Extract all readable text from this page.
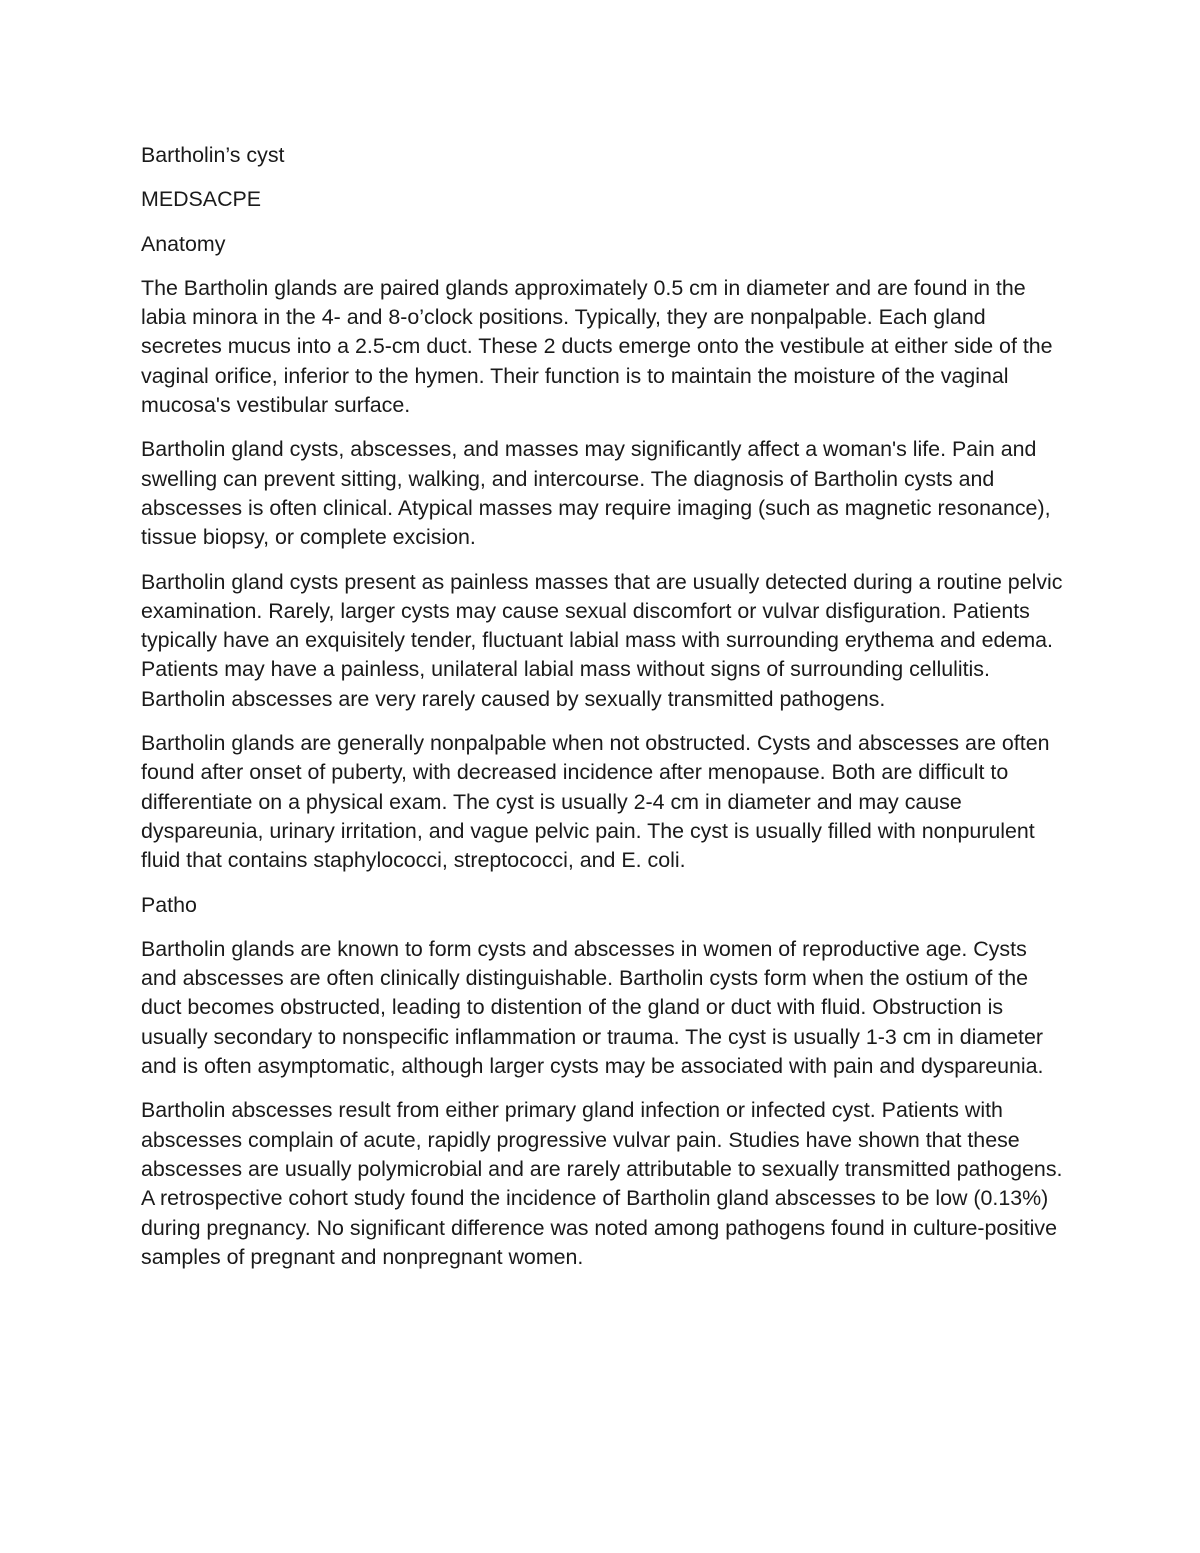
Bartholin’s cyst

MEDSACPE

Anatomy

The Bartholin glands are paired glands approximately 0.5 cm in diameter and are found in the labia minora in the 4- and 8-o’clock positions. Typically, they are nonpalpable. Each gland secretes mucus into a 2.5-cm duct. These 2 ducts emerge onto the vestibule at either side of the vaginal orifice, inferior to the hymen. Their function is to maintain the moisture of the vaginal mucosa's vestibular surface.

Bartholin gland cysts, abscesses, and masses may significantly affect a woman's life. Pain and swelling can prevent sitting, walking, and intercourse. The diagnosis of Bartholin cysts and abscesses is often clinical. Atypical masses may require imaging (such as magnetic resonance), tissue biopsy, or complete excision.

Bartholin gland cysts present as painless masses that are usually detected during a routine pelvic examination. Rarely, larger cysts may cause sexual discomfort or vulvar disfiguration. Patients typically have an exquisitely tender, fluctuant labial mass with surrounding erythema and edema. Patients may have a painless, unilateral labial mass without signs of surrounding cellulitis. Bartholin abscesses are very rarely caused by sexually transmitted pathogens.

Bartholin glands are generally nonpalpable when not obstructed. Cysts and abscesses are often found after onset of puberty, with decreased incidence after menopause. Both are difficult to differentiate on a physical exam. The cyst is usually 2-4 cm in diameter and may cause dyspareunia, urinary irritation, and vague pelvic pain. The cyst is usually filled with nonpurulent fluid that contains staphylococci, streptococci, and E. coli.

Patho

Bartholin glands are known to form cysts and abscesses in women of reproductive age. Cysts and abscesses are often clinically distinguishable. Bartholin cysts form when the ostium of the duct becomes obstructed, leading to distention of the gland or duct with fluid. Obstruction is usually secondary to nonspecific inflammation or trauma. The cyst is usually 1-3 cm in diameter and is often asymptomatic, although larger cysts may be associated with pain and dyspareunia.

Bartholin abscesses result from either primary gland infection or infected cyst. Patients with abscesses complain of acute, rapidly progressive vulvar pain. Studies have shown that these abscesses are usually polymicrobial and are rarely attributable to sexually transmitted pathogens. A retrospective cohort study found the incidence of Bartholin gland abscesses to be low (0.13%) during pregnancy. No significant difference was noted among pathogens found in culture-positive samples of pregnant and nonpregnant women.
